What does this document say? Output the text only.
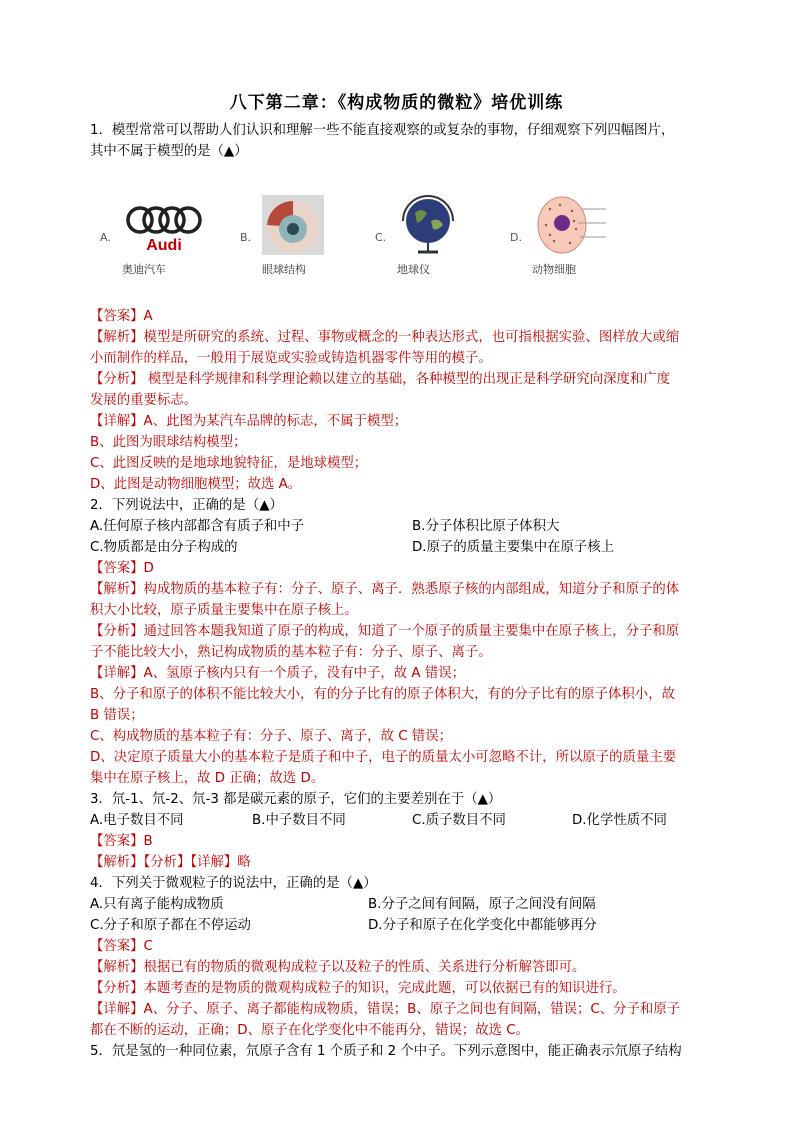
八下第二章：《构成物质的微粒》培优训练
1．模型常常可以帮助人们认识和理解一些不能直接观察的或复杂的事物，仔细观察下列四幅图片，
其中不属于模型的是（▲）
A. Audi
奥迪汽车
B.
眼球结构
C.
地球仪
D.
动物细胞
【答案】A
【解析】模型是所研究的系统、过程、事物或概念的一种表达形式，也可指根据实验、图样放大或缩
小而制作的样品，一般用于展览或实验或铸造机器零件等用的模子。
【分析】 模型是科学规律和科学理论赖以建立的基础，各种模型的出现正是科学研究向深度和广度
发展的重要标志。
【详解】A、此图为某汽车品牌的标志，不属于模型；
B、此图为眼球结构模型；
C、此图反映的是地球地貌特征，是地球模型；
D、此图是动物细胞模型；故选 A。
2．下列说法中，正确的是（▲）
A.任何原子核内部都含有质子和中子	B.分子体积比原子体积大
C.物质都是由分子构成的	D.原子的质量主要集中在原子核上
【答案】D
【解析】构成物质的基本粒子有：分子、原子、离子．熟悉原子核的内部组成，知道分子和原子的体
积大小比较，原子质量主要集中在原子核上。
【分析】通过回答本题我知道了原子的构成，知道了一个原子的质量主要集中在原子核上，分子和原
子不能比较大小，熟记构成物质的基本粒子有：分子、原子、离子。
【详解】A、氢原子核内只有一个质子，没有中子，故 A 错误；
B、分子和原子的体积不能比较大小，有的分子比有的原子体积大，有的分子比有的原子体积小，故
B 错误；
C、构成物质的基本粒子有：分子、原子、离子，故 C 错误；
D、决定原子质量大小的基本粒子是质子和中子，电子的质量太小可忽略不计，所以原子的质量主要
集中在原子核上，故 D 正确；故选 D。
3．氘-1、氘-2、氘-3 都是碳元素的原子，它们的主要差别在于（▲）
A.电子数目不同	B.中子数目不同	C.质子数目不同	D.化学性质不同
【答案】B
【解析】【分析】【详解】略
4．下列关于微观粒子的说法中，正确的是（▲）
A.只有离子能构成物质	B.分子之间有间隔，原子之间没有间隔
C.分子和原子都在不停运动	D.分子和原子在化学变化中都能够再分
【答案】C
【解析】根据已有的物质的微观构成粒子以及粒子的性质、关系进行分析解答即可。
【分析】本题考查的是物质的微观构成粒子的知识，完成此题，可以依据已有的知识进行。
【详解】A、分子、原子、离子都能构成物质，错误；B、原子之间也有间隔，错误；C、分子和原子
都在不断的运动，正确；D、原子在化学变化中不能再分，错误；故选 C。
5．氘是氢的一种同位素，氘原子含有 1 个质子和 2 个中子。下列示意图中，能正确表示氘原子结构
